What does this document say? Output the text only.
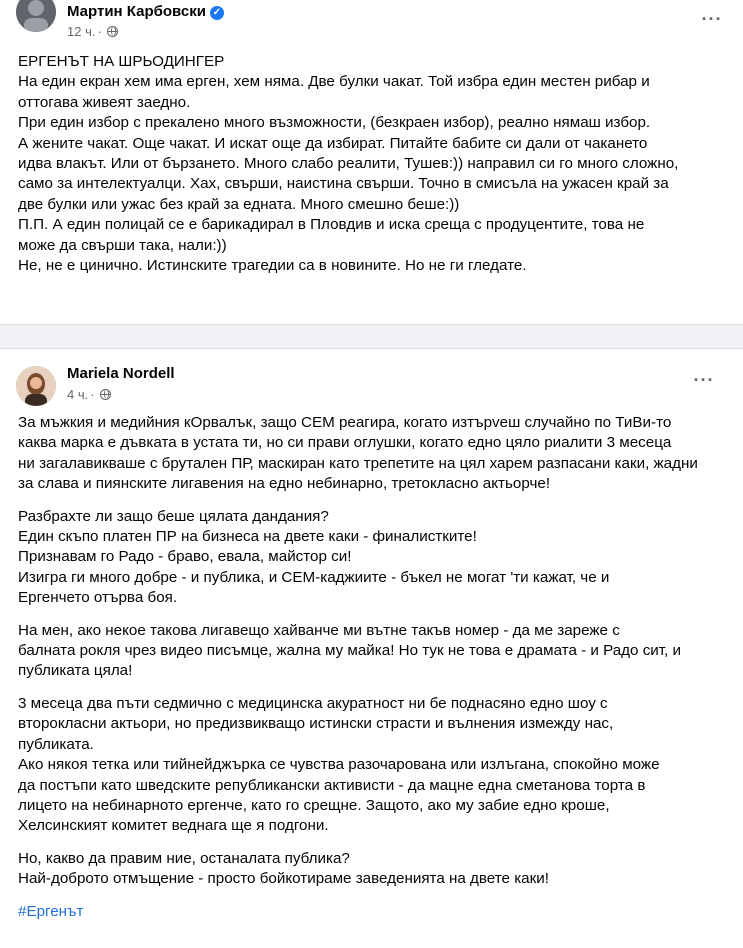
Мартин Карбовски ✓
12 ч. ·
···
ЕРГЕНЪТ НА ШРЬОДИНГЕР
На един екран хем има ерген, хем няма. Две булки чакат. Той избра един местен рибар и
оттогава живеят заедно.
При един избор с прекалено много възможности, (безкраен избор), реално нямаш избор.
А жените чакат. Още чакат. И искат още да избират. Питайте бабите си дали от чакането
идва влакът. Или от бързането. Много слабо реалити, Тушев:)) направил си го много сложно,
само за интелектуалци. Хах, свърши, наистина свърши. Точно в смисъла на ужасен край за
две булки или ужас без край за едната. Много смешно беше:))
П.П. А един полицай се е барикадирал в Пловдив и иска среща с продуцентите, това не
може да свърши така, нали:))
Не, не е цинично. Истинските трагедии са в новините. Но не ги гледате.
Mariela Nordell
4 ч. ·
···
За мъжкия и медийния кОрвалък, защо СЕМ реагира, когато изтърveш случайно по ТиВи-то
каква марка е дъвката в устата ти, но си прави оглушки, когато едно цяло риалити 3 месеца
ни загалавикваше с брутален ПР, маскиран като трепетите на цял харем разпасани каки, жадни
за слава и пиянските лигавения на едно небинарно, третокласно актьорче!
Разбрахте ли защо беше цялата дандания?
Един скъпо платен ПР на бизнеса на двете каки - финалистките!
Признавам го Радо - браво, евала, майстор си!
Изигра ги много добре - и публика, и СЕМ-каджиите - бъкел не могат 'ти кажат, че и
Ергенчето отърва боя.
На мен, ако некое такова лигавещо хайванче ми вътне такъв номер - да ме зареже с
балната рокля чрез видео писъмце, жална му майка! Но тук не това е драмата - и Радо сит, и
публиката цяла!
3 месеца два пъти седмично с медицинска акуратност ни бе поднасяно едно шоу с
второкласни актьори, но предизвикващо истински страсти и вълнения измежду нас,
публиката.
Ако някоя тетка или тийнейджърка се чувства разочарована или излъгана, спокойно може
да постъпи като шведските републикански активисти - да мацне една сметанова торта в
лицето на небинарното ергенче, като го срещне. Защото, ако му забие едно кроше,
Хелсинският комитет веднага ще я подгони.
Но, какво да правим ние, останалата публика?
Най-доброто отмъщение - просто бойкотираме заведенията на двете каки!
#Ергенът
